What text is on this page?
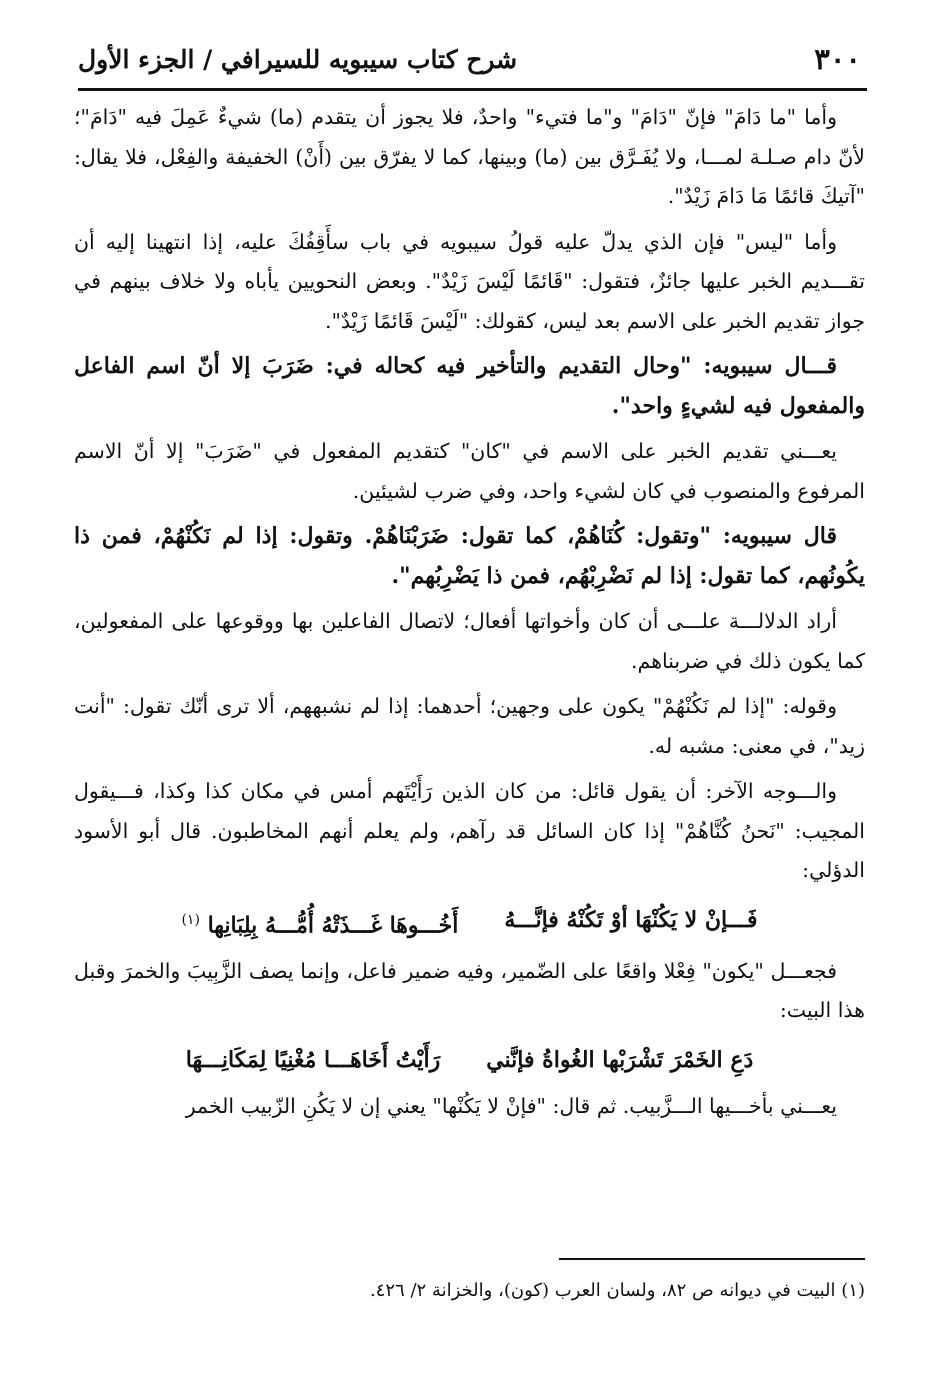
٣٠٠
شرح كتاب سيبويه للسيرافي / الجزء الأول

وأما "ما دَامَ" فإنّ "دَامَ" و"ما فتيء" واحدٌ، فلا يجوز أن يتقدم (ما) شيءٌ عَمِلَ فيه "دَامَ"؛ لأنّ دام صـلـة لمـــا، ولا يُفَـرَّق بين (ما) وبينها، كما لا يفرّق بين (أَنْ) الخفيفة والفِعْل، فلا يقال: "آتيكَ قائمًا مَا دَامَ زَيْدٌ".

وأما "ليس" فإن الذي يدلّ عليه قولُ سيبويه في باب سأَقِفُكَ عليه، إذا انتهينا إليه أن تقـــديم الخبر عليها جائزٌ، فتقول: "قَائمًا لَيْسَ زَيْدٌ". وبعض النحويين يأباه ولا خلاف بينهم في جواز تقديم الخبر على الاسم بعد ليس، كقولك: "لَيْسَ قَائمًا زَيْدٌ".

قـــال سيبويه: "وحال التقديم والتأخير فيه كحاله في: ضَرَبَ إلا أنّ اسم الفاعل والمفعول فيه لشيءٍ واحد".

يعـــني تقديم الخبر على الاسم في "كان" كتقديم المفعول في "ضَرَبَ" إلا أنّ الاسم المرفوع والمنصوب في كان لشيء واحد، وفي ضرب لشيئين.

قال سيبويه: "وتقول: كُنَاهُمْ، كما تقول: ضَرَبْنَاهُمْ. وتقول: إذا لم نَكُنْهُمْ، فمن ذا يكُونُهم، كما تقول: إذا لم نَضْرِبْهُم، فمن ذا يَضْرِبُهم".

أراد الدلالـــة علـــى أن كان وأخواتها أفعال؛ لاتصال الفاعلين بها ووقوعها على المفعولين، كما يكون ذلك في ضربناهم.

وقوله: "إذا لم نَكُنْهُمْ" يكون على وجهين؛ أحدهما: إذا لم نشبههم، ألا ترى أنّك تقول: "أنت زيد"، في معنى: مشبه له.

والـــوجه الآخر: أن يقول قائل: من كان الذين رَأَيْتَهم أمس في مكان كذا وكذا، فـــيقول المجيب: "نَحنُ كُنَّاهُمْ" إذا كان السائل قد رآهم، ولم يعلم أنهم المخاطبون. قال أبو الأسود الدؤلي:

فَـــإنْ لا يَكُنْهَا أوْ تَكُنْهُ فإنَّـــهُ
أَخُـــوهَا غَـــذَتْهُ أُمُّـــهُ بِلِبَانِها $^{(١)}$

فجعـــل "يكون" فِعْلا واقعًا على الضّمير، وفيه ضمير فاعل، وإنما يصف الزَّبِيبَ والخمرَ وقبل هذا البيت:

دَعِ الخَمْرَ تَشْرَبْها الغُواةُ فإنَّني
رَأَيْتُ أَخَاهَـــا مُغْنِيًا لِمَكَانِـــهَا

يعـــني بأخـــيها الـــزَّبيب. ثم قال: "فإنْ لا يَكُنْها" يعني إن لا يَكُنِ الزّبيب الخمر

(١) البيت في ديوانه ص ٨٢، ولسان العرب (كون)، والخزانة ٢/ ٤٢٦.
